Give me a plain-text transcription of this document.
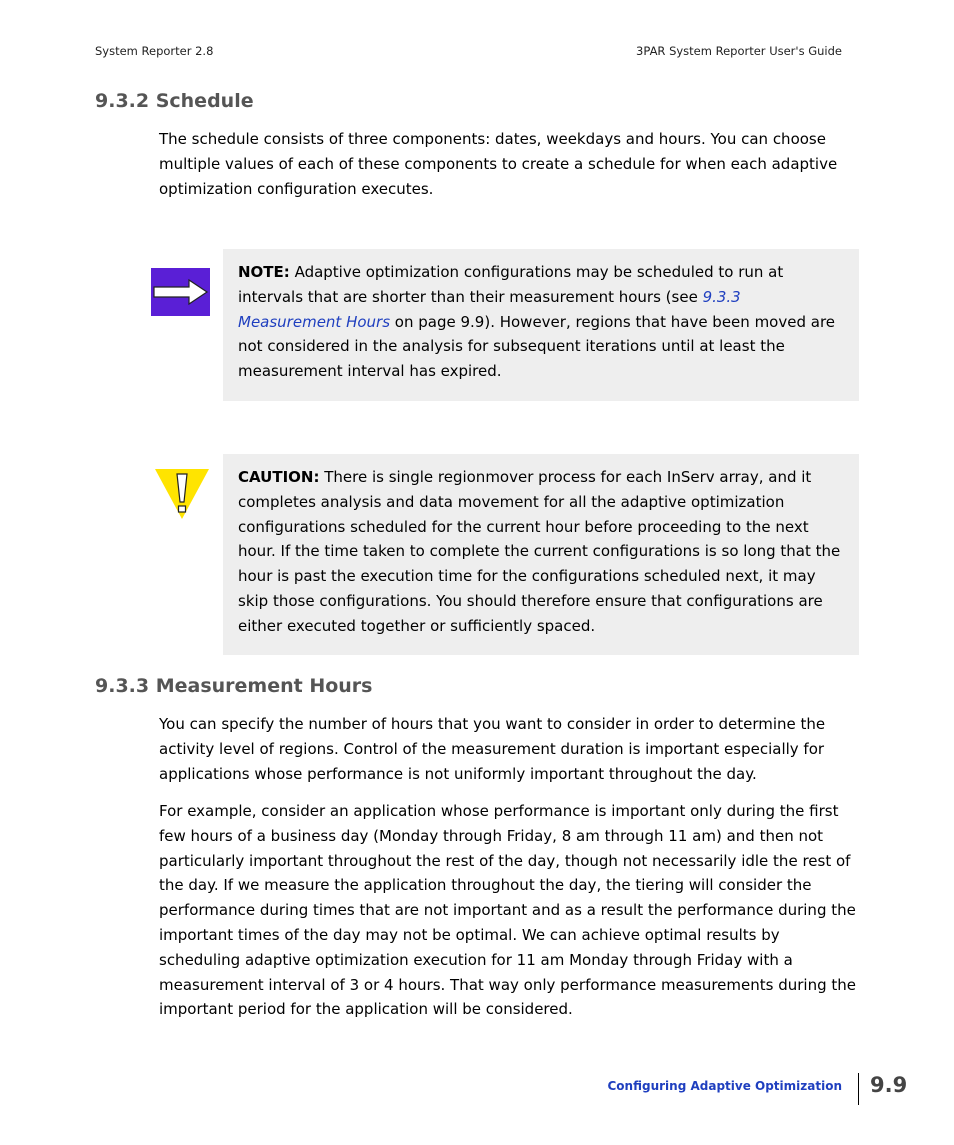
System Reporter 2.8	3PAR System Reporter User's Guide
9.3.2 Schedule

The schedule consists of three components: dates, weekdays and hours. You can choose multiple values of each of these components to create a schedule for when each adaptive optimization configuration executes.

NOTE: Adaptive optimization configurations may be scheduled to run at intervals that are shorter than their measurement hours (see 9.3.3 Measurement Hours on page 9.9). However, regions that have been moved are not considered in the analysis for subsequent iterations until at least the measurement interval has expired.

CAUTION: There is single regionmover process for each InServ array, and it completes analysis and data movement for all the adaptive optimization configurations scheduled for the current hour before proceeding to the next hour. If the time taken to complete the current configurations is so long that the hour is past the execution time for the configurations scheduled next, it may skip those configurations. You should therefore ensure that configurations are either executed together or sufficiently spaced.

9.3.3 Measurement Hours

You can specify the number of hours that you want to consider in order to determine the activity level of regions. Control of the measurement duration is important especially for applications whose performance is not uniformly important throughout the day.

For example, consider an application whose performance is important only during the first few hours of a business day (Monday through Friday, 8 am through 11 am) and then not particularly important throughout the rest of the day, though not necessarily idle the rest of the day. If we measure the application throughout the day, the tiering will consider the performance during times that are not important and as a result the performance during the important times of the day may not be optimal. We can achieve optimal results by scheduling adaptive optimization execution for 11 am Monday through Friday with a measurement interval of 3 or 4 hours. That way only performance measurements during the important period for the application will be considered.

Configuring Adaptive Optimization 9.9
